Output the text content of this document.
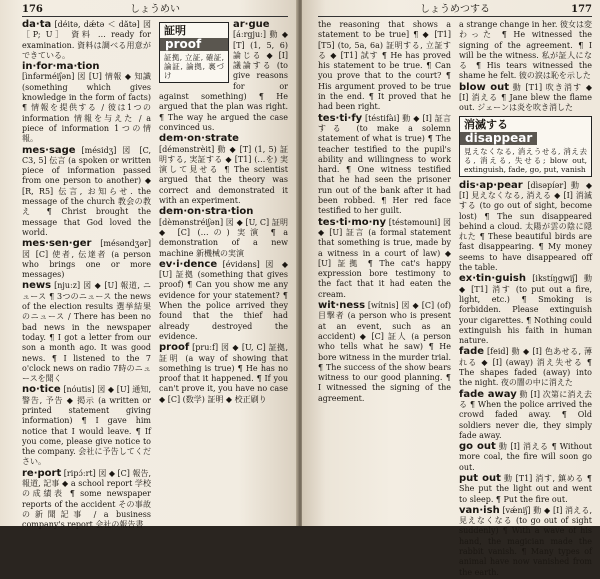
176	しょうめい
da·ta [déitə, dǽtə ＜ dătə] 図 ［P; U］ 資料 … ready for examination. 資料は調べる用意ができている。
in·for·ma·tion [ìnfərméiʃən] 図 [U] 情報 ◆ 知識 (something which gives knowledge in the form of facts) ¶ 情報を提供する / 彼は1つの information 情報を与えた / a piece of information 1つの情報。
mes·sage [mésidʒ] 図 [C, C3, 5] 伝言 (a spoken or written piece of information passed from one person to another) ◆ [R, R5] 伝言, お知らせ. the message of the church 教会の教え ¶ Christ brought the message that God loved the world.
mes·sen·ger [mésəndʒər] 図 [C] 使者, 伝達者 (a person who brings one or more messages)
news [njuːz] 図 ◆ [U] 報道, ニュース ¶ 3つのニュース the news of the election results 選挙結果のニュース / There has been no bad news in the newspaper today. ¶ I got a letter from our son a month ago. It was good news. ¶ I listened to the 7 o'clock news on radio 7時のニュースを聞く
no·tice [nóutis] 図 ◆ [U] 通知, 警告, 予告 ◆ 掲示 (a written or printed statement giving information) ¶ I gave him notice that I would leave. ¶ If you come, please give notice to the company. 会社に予告してください。
re·port [ripɔ́ːrt] 図 ◆ [C] 報告, 報道, 記事 ◆ a school report 学校の成績表 ¶ some newspaper reports of the accident その事故の新聞記事 / a business company's report 会社の報告書
証明
proof
証拠, 立証, 確証, 論証, 論拠, 裏づけ
ar·gue [áːrgjuː] 動 ◆ [T] (1, 5, 6) 論じる ◆ [I] 議論する (to give reasons for or against something) ¶ He argued that the plan was right. ¶ The way he argued the case convinced us.
dem·on·strate [démənstrèit] 動 ◆ [T] (1, 5) 証明する, 実証する ◆ [T1] (…を) 実演して見せる ¶ The scientist argued that the theory was correct and demonstrated it with an experiment.
dem·on·stra·tion [dèmənstréiʃən] 図 ◆ [U, C] 証明 ◆ [C] (…の) 実演 ¶ a demonstration of a new machine 新機械の実演
ev·i·dence [évidəns] 図 ◆ [U] 証拠 (something that gives proof) ¶ Can you show me any evidence for your statement? ¶ When the police arrived they found that the thief had already destroyed the evidence.
proof [pruːf] 図 ◆ [U, C] 証拠, 証明 (a way of showing that something is true) ¶ He has no proof that it happened. ¶ If you can't prove it, you have no case ◆ [C] (数学) 証明 ◆ 校正刷り
しょうめつする	177
the reasoning that shows a statement to be true] ¶ ◆ [T1] [T5] (to, 5a, 6a) 証明する, 立証する ◆ [T1] 試す ¶ He has proved his statement to be true. ¶ Can you prove that to the court? ¶ His argument proved to be true in the end. ¶ It proved that he had been right.
tes·ti·fy [téstifài] 動 ◆ [I] 証言する (to make a solemn statement of what is true) ¶ The teacher testified to the pupil's ability and willingness to work hard. ¶ One witness testified that he had seen the prisoner run out of the bank after it had been robbed. ¶ Her red face testified to her guilt.
tes·ti·mo·ny [téstəmouni] 図 ◆ [U] 証言 (a formal statement that something is true, made by a witness in a court of law) ◆ [U] 証拠 ¶ The cat's happy expression bore testimony to the fact that it had eaten the cream.
wit·ness [wítnis] 図 ◆ [C] (of) 目撃者 (a person who is present at an event, such as an accident) ◆ [C] 証人 (a person who tells what he saw) ¶ He bore witness in the murder trial. ¶ The success of the show bears witness to our good planning. ¶ I witnessed the signing of the agreement.
a strange change in her. 彼女は変わった ¶ He witnessed the signing of the agreement. ¶ I will be the witness. 私が証人になる ¶ His tears witnessed the shame he felt. 彼の涙は恥を示した
blow out 動 [T1] 吹き消す ◆ [I] 消える ¶ Jane blew the flame out. ジェーンは炎を吹き消した
消滅する
disappear
見えなくなる, 消えうせる, 消え去る, 消える, 失せる; blow out, extinguish, fade, go, put, vanish
dis·ap·pear [dìsəpíər] 動 ◆ [I] 見えなくなる, 消える ◆ [I] 消滅する (to go out of sight, become lost) ¶ The sun disappeared behind a cloud. 太陽が雲の陰に隠れた ¶ These beautiful birds are fast disappearing. ¶ My money seems to have disappeared off the table.
ex·tin·guish [ikstíŋgwiʃ] 動 ◆ [T1] 消す (to put out a fire, light, etc.) ¶ Smoking is forbidden. Please extinguish your cigarettes. ¶ Nothing could extinguish his faith in human nature.
fade [feid] 動 ◆ [I] 色あせる, 薄れる ◆ [I] (away) 消え失せる ¶ The shapes faded (away) into the night. 夜の闇の中に消えた
fade away 動 [I] 次第に消え去る ¶ When the police arrived the crowd faded away. ¶ Old soldiers never die, they simply fade away.
go out 動 [I] 消える ¶ Without more coal, the fire will soon go out.
put out 動 [T1] 消す, 鎮める ¶ She put the light out and went to sleep. ¶ Put the fire out.
van·ish [vǽniʃ] 動 ◆ [I] 消える, 見えなくなる (to go out of sight suddenly) ¶ With a wave of his hand, the magician made the rabbit vanish. ¶ Many types of animal have now vanished from the earth.
